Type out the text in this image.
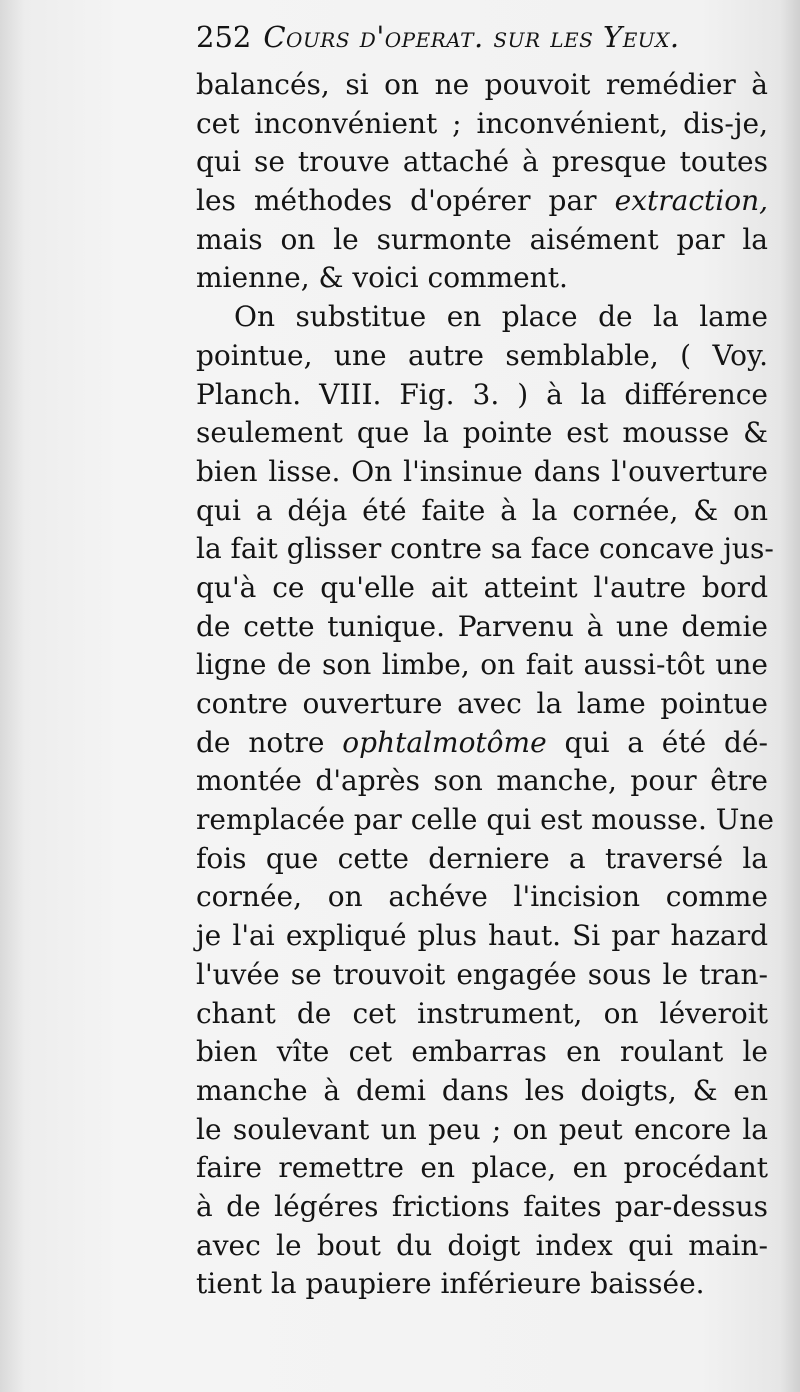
252 Cours d'operat. sur les Yeux.
balancés, si on ne pouvoit remédier à
cet inconvénient ; inconvénient, dis-je,
qui se trouve attaché à presque toutes
les méthodes d'opérer par extraction,
mais on le surmonte aisément par la
mienne, & voici comment.
On substitue en place de la lame
pointue, une autre semblable, ( Voy.
Planch. VIII. Fig. 3. ) à la différence
seulement que la pointe est mousse &
bien lisse. On l'insinue dans l'ouverture
qui a déja été faite à la cornée, & on
la fait glisser contre sa face concave jus-
qu'à ce qu'elle ait atteint l'autre bord
de cette tunique. Parvenu à une demie
ligne de son limbe, on fait aussi-tôt une
contre ouverture avec la lame pointue
de notre ophtalmotôme qui a été dé-
montée d'après son manche, pour être
remplacée par celle qui est mousse. Une
fois que cette derniere a traversé la
cornée, on achéve l'incision comme
je l'ai expliqué plus haut. Si par hazard
l'uvée se trouvoit engagée sous le tran-
chant de cet instrument, on léveroit
bien vîte cet embarras en roulant le
manche à demi dans les doigts, & en
le soulevant un peu ; on peut encore la
faire remettre en place, en procédant
à de légéres frictions faites par-dessus
avec le bout du doigt index qui main-
tient la paupiere inférieure baissée.
